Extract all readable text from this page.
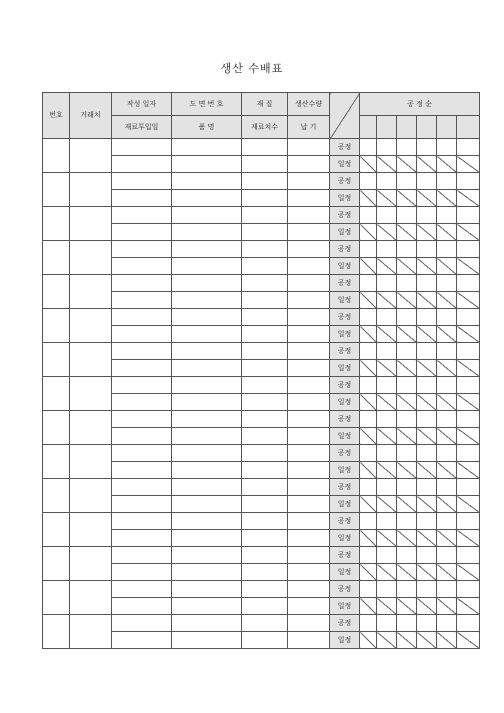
생산 수배표
번호	거래처	작성 일자	도 면 번 호	재 질	생산수량		공 정 순					
		재료투입일	품 명	재료치수	납 기							
						공정						
						일정						
						공정						
						일정						
						공정						
						일정						
						공정						
						일정						
						공정						
						일정						
						공정						
						일정						
						공정						
						일정						
						공정						
						일정						
						공정						
						일정						
						공정						
						일정						
						공정						
						일정						
						공정						
						일정						
						공정						
						일정						
						공정						
						일정						
						공정						
						일정						
